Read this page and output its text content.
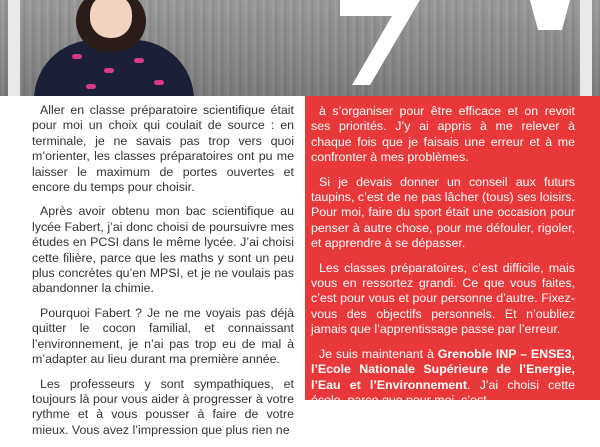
Aller en classe préparatoire scientifique était pour moi un choix qui coulait de source : en terminale, je ne savais pas trop vers quoi m’orienter, les classes préparatoires ont pu me laisser le maximum de portes ouvertes et encore du temps pour choisir.

Après avoir obtenu mon bac scientifique au lycée Fabert, j’ai donc choisi de poursuivre mes études en PCSI dans le même lycée. J’ai choisi cette filière, parce que les maths y sont un peu plus concrètes qu’en MPSI, et je ne voulais pas abandonner la chimie.

Pourquoi Fabert ? Je ne me voyais pas déjà quitter le cocon familial, et connaissant l’environnement, je n’ai pas trop eu de mal à m’adapter au lieu durant ma première année.

Les professeurs y sont sympathiques, et toujours là pour vous aider à progresser à votre rythme et à vous pousser à faire de votre mieux. Vous avez l’impression que plus rien ne

à s’organiser pour être efficace et on revoit ses priorités. J’y ai appris à me relever à chaque fois que je faisais une erreur et à me confronter à mes problèmes.

Si je devais donner un conseil aux futurs taupins, c’est de ne pas lâcher (tous) ses loisirs. Pour moi, faire du sport était une occasion pour penser à autre chose, pour me défouler, rigoler, et apprendre à se dépasser.

Les classes préparatoires, c’est difficile, mais vous en ressortez grandi. Ce que vous faites, c’est pour vous et pour personne d’autre. Fixez-vous des objectifs personnels. Et n’oubliez jamais que l’apprentissage passe par l’erreur.

Je suis maintenant à Grenoble INP – ENSE3, l’Ecole Nationale Supérieure de l’Energie, l’Eau et l’Environnement. J’ai choisi cette école, parce que pour moi, c’est
